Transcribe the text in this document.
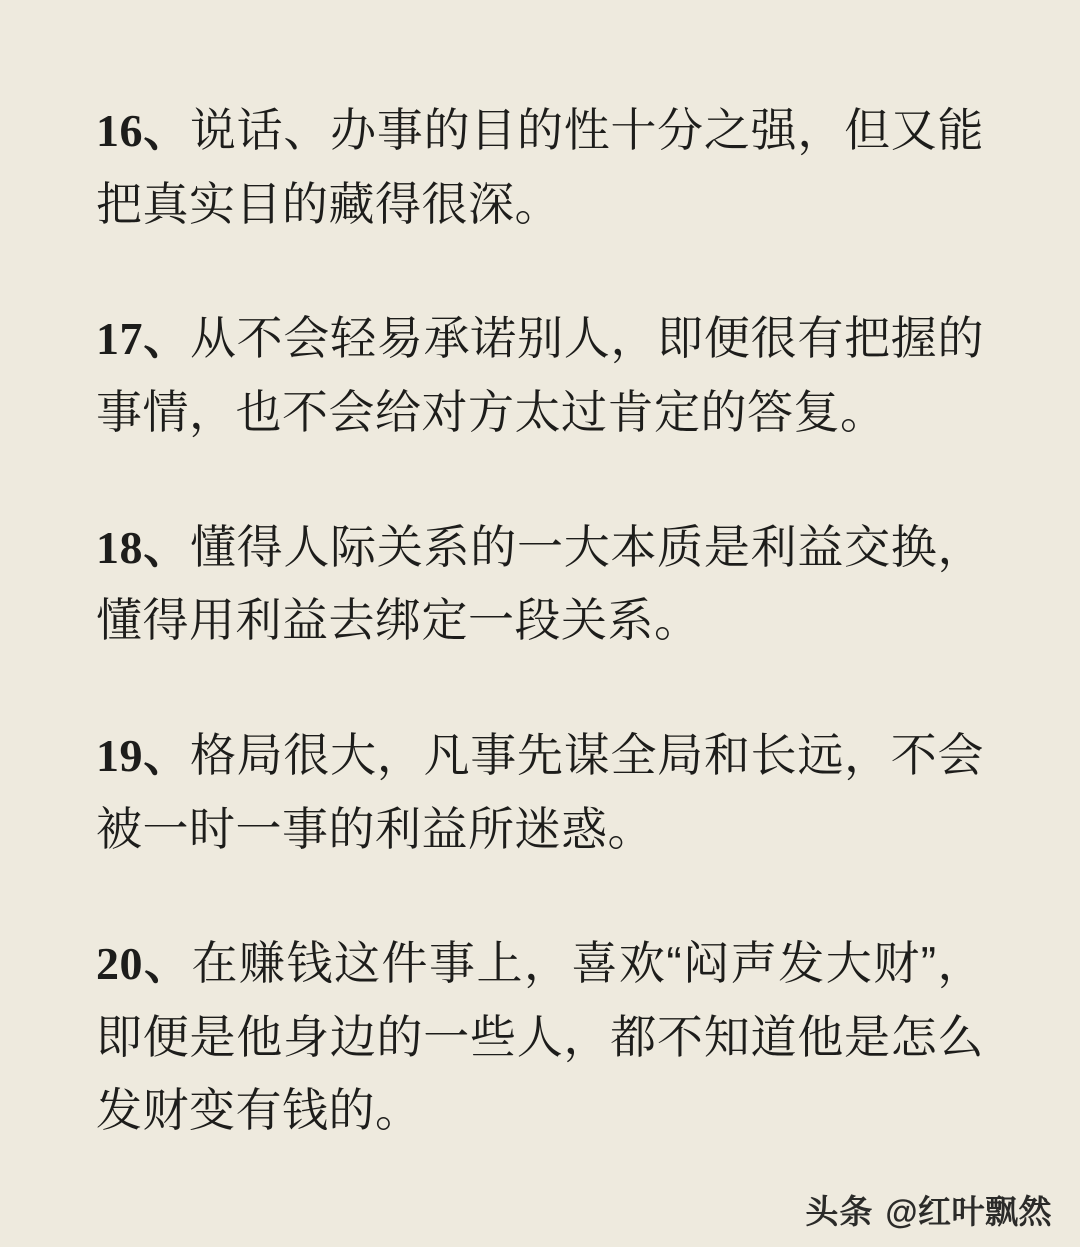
16、说话、办事的目的性十分之强，但又能把真实目的藏得很深。

17、从不会轻易承诺别人，即便很有把握的事情，也不会给对方太过肯定的答复。

18、懂得人际关系的一大本质是利益交换，懂得用利益去绑定一段关系。

19、格局很大，凡事先谋全局和长远，不会被一时一事的利益所迷惑。

20、在赚钱这件事上，喜欢“闷声发大财”，即便是他身边的一些人，都不知道他是怎么发财变有钱的。

头条 @红叶飘然
